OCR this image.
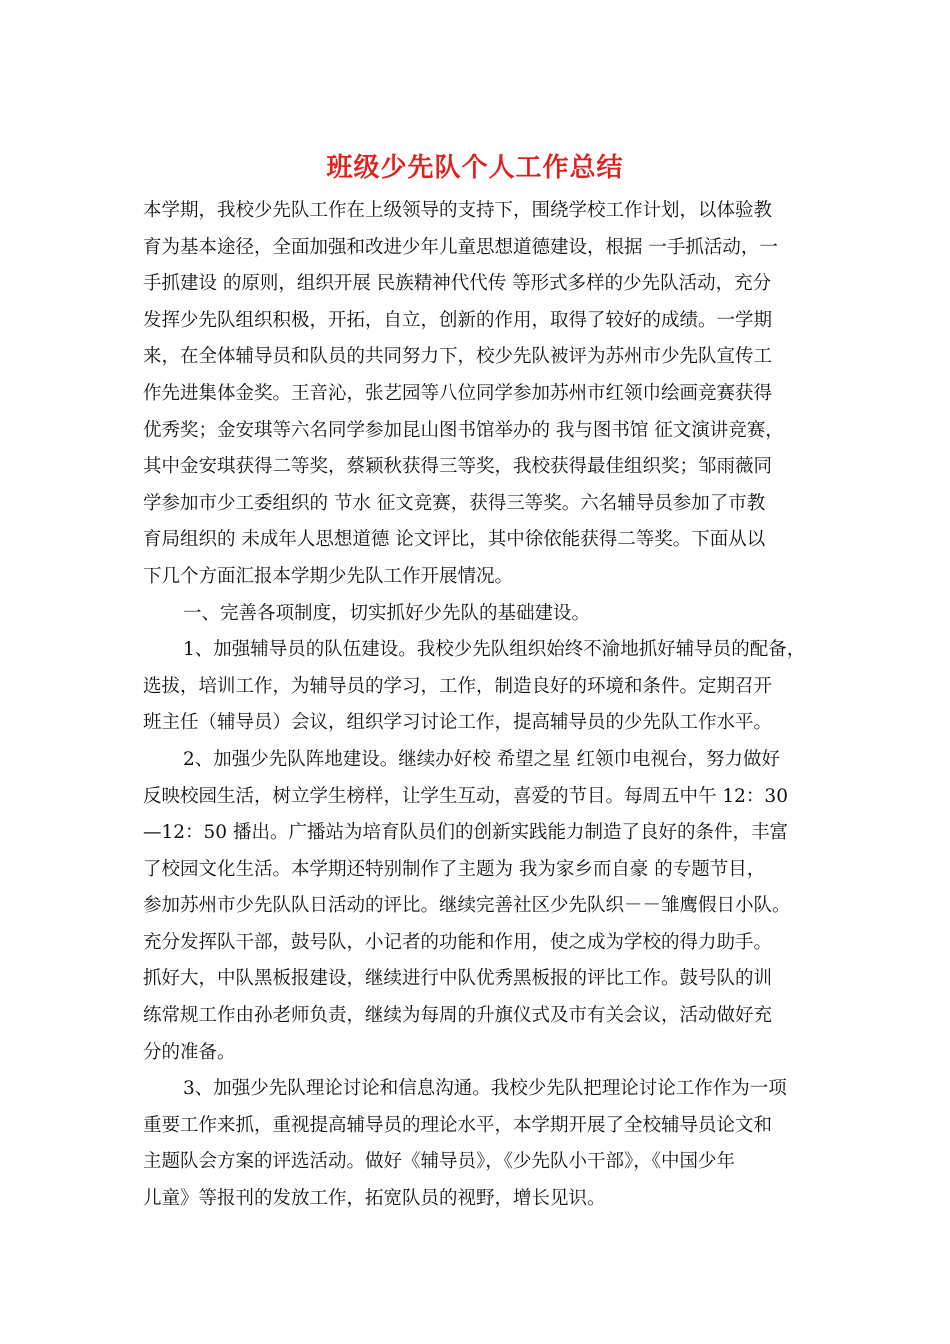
班级少先队个人工作总结
本学期，我校少先队工作在上级领导的支持下，围绕学校工作计划，以体验教
育为基本途径，全面加强和改进少年儿童思想道德建设，根据 一手抓活动，一
手抓建设 的原则，组织开展 民族精神代代传 等形式多样的少先队活动，充分
发挥少先队组织积极，开拓，自立，创新的作用，取得了较好的成绩。一学期
来，在全体辅导员和队员的共同努力下，校少先队被评为苏州市少先队宣传工
作先进集体金奖。王音沁，张艺园等八位同学参加苏州市红领巾绘画竞赛获得
优秀奖；金安琪等六名同学参加昆山图书馆举办的 我与图书馆 征文演讲竞赛，
其中金安琪获得二等奖，蔡颖秋获得三等奖，我校获得最佳组织奖；邹雨薇同
学参加市少工委组织的 节水 征文竞赛，获得三等奖。六名辅导员参加了市教
育局组织的 未成年人思想道德 论文评比，其中徐依能获得二等奖。下面从以
下几个方面汇报本学期少先队工作开展情况。
一、完善各项制度，切实抓好少先队的基础建设。
1、加强辅导员的队伍建设。我校少先队组织始终不渝地抓好辅导员的配备，
选拔，培训工作，为辅导员的学习，工作，制造良好的环境和条件。定期召开
班主任（辅导员）会议，组织学习讨论工作，提高辅导员的少先队工作水平。
2、加强少先队阵地建设。继续办好校 希望之星 红领巾电视台，努力做好
反映校园生活，树立学生榜样，让学生互动，喜爱的节目。每周五中午 12：30
—12：50 播出。广播站为培育队员们的创新实践能力制造了良好的条件，丰富
了校园文化生活。本学期还特别制作了主题为 我为家乡而自豪 的专题节目，
参加苏州市少先队队日活动的评比。继续完善社区少先队织－－雏鹰假日小队。
充分发挥队干部，鼓号队，小记者的功能和作用，使之成为学校的得力助手。
抓好大，中队黑板报建设，继续进行中队优秀黑板报的评比工作。鼓号队的训
练常规工作由孙老师负责，继续为每周的升旗仪式及市有关会议，活动做好充
分的准备。
3、加强少先队理论讨论和信息沟通。我校少先队把理论讨论工作作为一项
重要工作来抓，重视提高辅导员的理论水平，本学期开展了全校辅导员论文和
主题队会方案的评选活动。做好《辅导员》，《少先队小干部》，《中国少年
儿童》等报刊的发放工作，拓宽队员的视野，增长见识。
